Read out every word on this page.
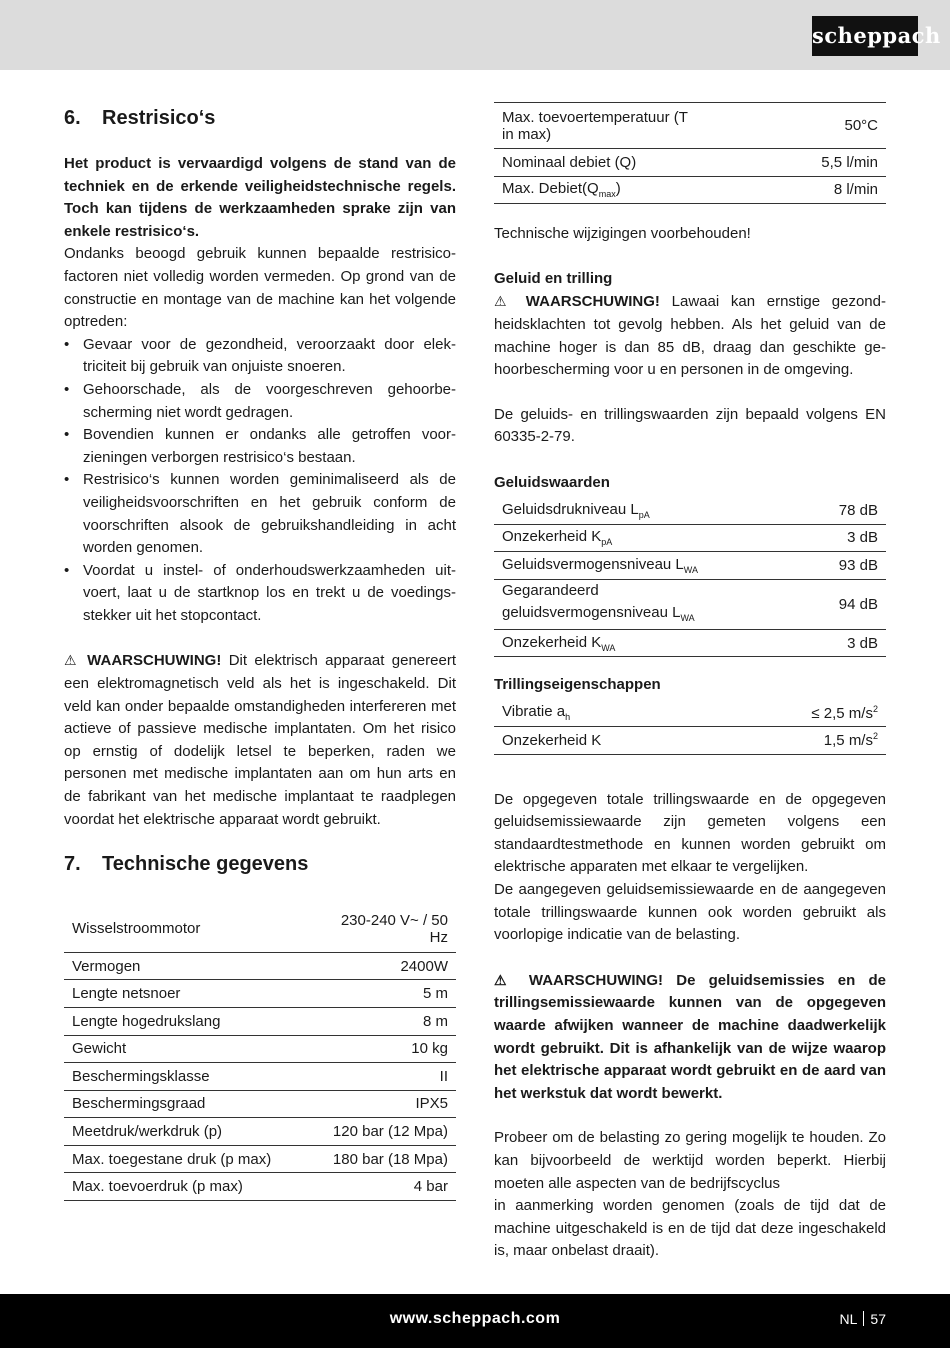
scheppach
6.	Restrisico‘s

Het product is vervaardigd volgens de stand van de techniek en de erkende veiligheidstechnische regels. Toch kan tijdens de werkzaamheden sprake zijn van enkele restrisico‘s.

Ondanks beoogd gebruik kunnen bepaalde restrisicofactoren niet volledig worden vermeden. Op grond van de constructie en montage van de machine kan het volgende optreden:

• Gevaar voor de gezondheid, veroorzaakt door elektriciteit bij gebruik van onjuiste snoeren.
• Gehoorschade, als de voorgeschreven gehoorbescherming niet wordt gedragen.
• Bovendien kunnen er ondanks alle getroffen voorzieningen verborgen restrisico‘s bestaan.
• Restrisico‘s kunnen worden geminimaliseerd als de veiligheidsvoorschriften en het gebruik conform de voorschriften alsook de gebruikshandleiding in acht worden genomen.
• Voordat u instel- of onderhoudswerkzaamheden uitvoert, laat u de startknop los en trekt u de voedingsstekker uit het stopcontact.

⚠ WAARSCHUWING! Dit elektrisch apparaat genereert een elektromagnetisch veld als het is ingeschakeld. Dit veld kan onder bepaalde omstandigheden interfereren met actieve of passieve medische implantaten. Om het risico op ernstig of dodelijk letsel te beperken, raden we personen met medische implantaten aan om hun arts en de fabrikant van het medische implantaat te raadplegen voordat het elektrische apparaat wordt gebruikt.

7.	Technische gegevens
Wisselstroommotor	230-240 V~ / 50 Hz
Vermogen	2400W
Lengte netsnoer	5 m
Lengte hogedrukslang	8 m
Gewicht	10 kg
Beschermingsklasse	II
Beschermingsgraad	IPX5
Meetdruk/werkdruk (p)	120 bar (12 Mpa)
Max. toegestane druk (p max)	180 bar (18 Mpa)
Max. toevoerdruk (p max)	4 bar
Max. toevoertemperatuur (T in max)	50°C
Nominaal debiet (Q)	5,5 l/min
Max. $Debiet(Q_{max})$	8 l/min

Technische wijzigingen voorbehouden!

Geluid en trilling

⚠ WAARSCHUWING! Lawaai kan ernstige gezondheidsklachten tot gevolg hebben. Als het geluid van de machine hoger is dan 85 dB, draag dan geschikte gehoorbescherming voor u en personen in de omgeving.

De geluids- en trillingswaarden zijn bepaald volgens EN 60335-2-79.

Geluidswaarden

Geluidsdrukniveau $L_{pA}$	78 dB
Onzekerheid $K_{pA}$	3 dB
Geluidsvermogensniveau $L_{WA}$	93 dB
Gegarandeerd
geluidsvermogensniveau $L_{WA}$	94 dB
Onzekerheid $K_{WA}$	3 dB

Trillingseigenschappen

Vibratie $a_h$	≤ 2,5 $m/s^2$
Onzekerheid K	1,5 $m/s^2$

De opgegeven totale trillingswaarde en de opgegeven geluidsemissiewaarde zijn gemeten volgens een standaardtestmethode en kunnen worden gebruikt om elektrische apparaten met elkaar te vergelijken.

De aangegeven geluidsemissiewaarde en de aangegeven totale trillingswaarde kunnen ook worden gebruikt als voorlopige indicatie van de belasting.

⚠ WAARSCHUWING! De geluidsemissies en de trillingsemissiewaarde kunnen van de opgegeven waarde afwijken wanneer de machine daadwerkelijk wordt gebruikt. Dit is afhankelijk van de wijze waarop het elektrische apparaat wordt gebruikt en de aard van het werkstuk dat wordt bewerkt.

Probeer om de belasting zo gering mogelijk te houden. Zo kan bijvoorbeeld de werktijd worden beperkt. Hierbij moeten alle aspecten van de bedrijfscyclus

in aanmerking worden genomen (zoals de tijd dat de machine uitgeschakeld is en de tijd dat deze ingeschakeld is, maar onbelast draait).

www.scheppach.com	NL 57
